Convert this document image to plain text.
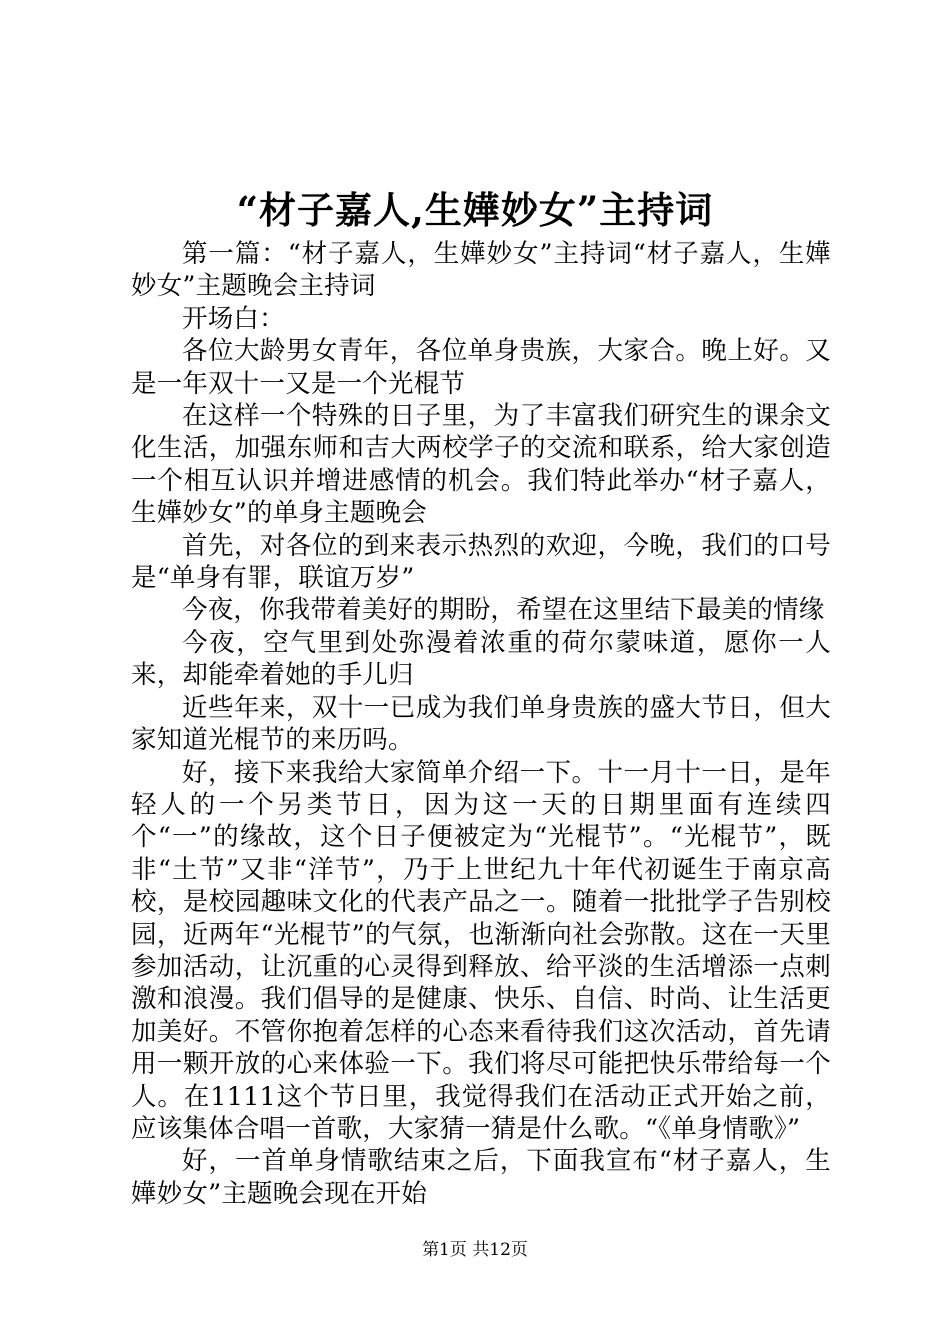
“材子嘉人,生嬅妙女”主持词

第一篇：“材子嘉人，生嬅妙女”主持词“材子嘉人，生嬅妙女”主题晚会主持词

开场白：

各位大龄男女青年，各位单身贵族，大家合。晚上好。又是一年双十一又是一个光棍节

在这样一个特殊的日子里，为了丰富我们研究生的课余文化生活，加强东师和吉大两校学子的交流和联系，给大家创造一个相互认识并增进感情的机会。我们特此举办“材子嘉人，生嬅妙女”的单身主题晚会

首先，对各位的到来表示热烈的欢迎，今晚，我们的口号是“单身有罪，联谊万岁”

今夜，你我带着美好的期盼，希望在这里结下最美的情缘

今夜，空气里到处弥漫着浓重的荷尔蒙味道，愿你一人来，却能牵着她的手儿归

近些年来，双十一已成为我们单身贵族的盛大节日，但大家知道光棍节的来历吗。

好，接下来我给大家简单介绍一下。十一月十一日，是年轻人的一个另类节日，因为这一天的日期里面有连续四个“一”的缘故，这个日子便被定为“光棍节”。“光棍节”，既非“土节”又非“洋节”，乃于上世纪九十年代初诞生于南京高校，是校园趣味文化的代表产品之一。随着一批批学子告别校园，近两年“光棍节”的气氛，也渐渐向社会弥散。这在一天里参加活动，让沉重的心灵得到释放、给平淡的生活增添一点刺激和浪漫。我们倡导的是健康、快乐、自信、时尚、让生活更加美好。不管你抱着怎样的心态来看待我们这次活动，首先请用一颗开放的心来体验一下。我们将尽可能把快乐带给每一个人。在1111这个节日里，我觉得我们在活动正式开始之前，应该集体合唱一首歌，大家猜一猜是什么歌。“《单身情歌》”

好，一首单身情歌结束之后，下面我宣布“材子嘉人，生嬅妙女”主题晚会现在开始

第1页 共12页
